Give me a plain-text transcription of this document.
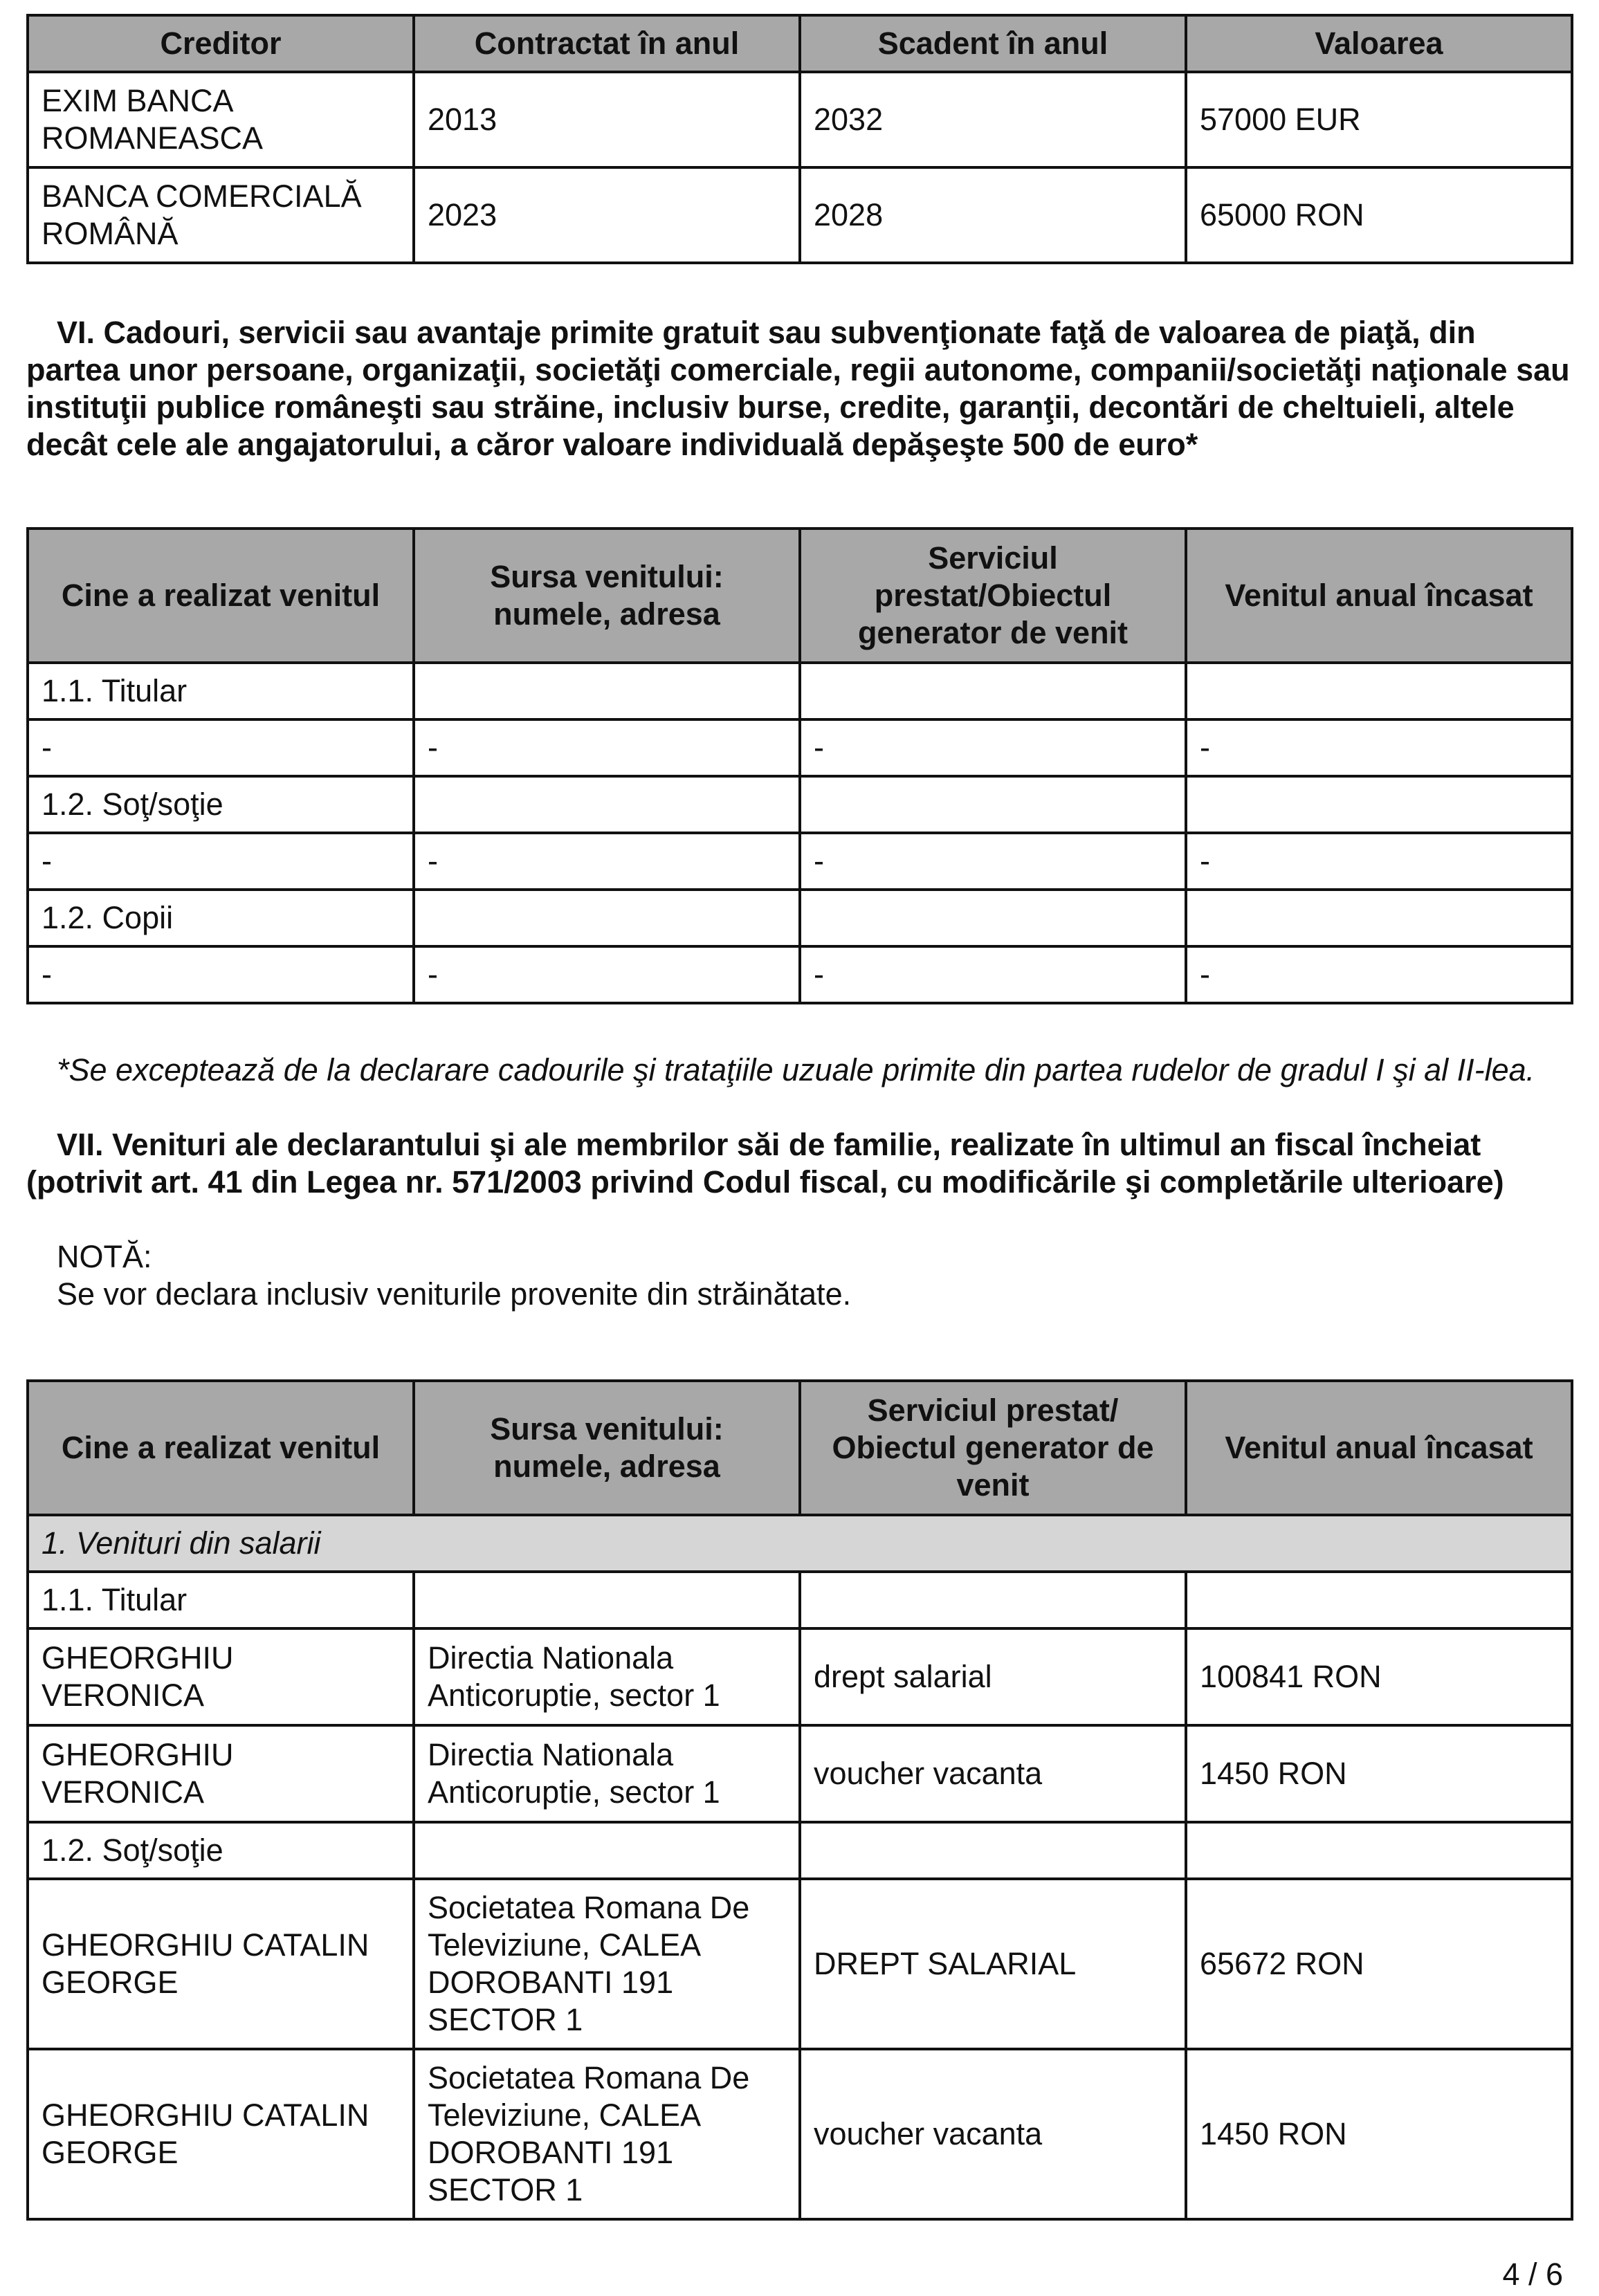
Creditor	Contractat în anul	Scadent în anul	Valoarea
EXIM BANCA ROMANEASCA	2013	2032	57000 EUR
BANCA COMERCIALĂ ROMÂNĂ	2023	2028	65000 RON

VI. Cadouri, servicii sau avantaje primite gratuit sau subvenţionate faţă de valoarea de piaţă, din partea unor persoane, organizaţii, societăţi comerciale, regii autonome, companii/societăţi naţionale sau instituţii publice româneşti sau străine, inclusiv burse, credite, garanţii, decontări de cheltuieli, altele decât cele ale angajatorului, a căror valoare individuală depăşeşte 500 de euro*

Cine a realizat venitul	Sursa venitului: numele, adresa	Serviciul prestat/Obiectul generator de venit	Venitul anual încasat
1.1. Titular			
-	-	-	-
1.2. Soţ/soţie			
-	-	-	-
1.2. Copii			
-	-	-	-

*Se exceptează de la declarare cadourile şi trataţiile uzuale primite din partea rudelor de gradul I şi al II-lea.

VII. Venituri ale declarantului şi ale membrilor săi de familie, realizate în ultimul an fiscal încheiat (potrivit art. 41 din Legea nr. 571/2003 privind Codul fiscal, cu modificările şi completările ulterioare)

NOTĂ:

Se vor declara inclusiv veniturile provenite din străinătate.

Cine a realizat venitul	Sursa venitului: numele, adresa	Serviciul prestat/ Obiectul generator de venit	Venitul anual încasat
1. Venituri din salarii			
1.1. Titular			
GHEORGHIU VERONICA	Directia Nationala Anticoruptie, sector 1	drept salarial	100841 RON
GHEORGHIU VERONICA	Directia Nationala Anticoruptie, sector 1	voucher vacanta	1450 RON
1.2. Soţ/soţie			
GHEORGHIU CATALIN GEORGE	Societatea Romana De Televiziune, CALEA DOROBANTI 191 SECTOR 1	DREPT SALARIAL	65672 RON
GHEORGHIU CATALIN GEORGE	Societatea Romana De Televiziune, CALEA DOROBANTI 191 SECTOR 1	voucher vacanta	1450 RON
4 / 6
